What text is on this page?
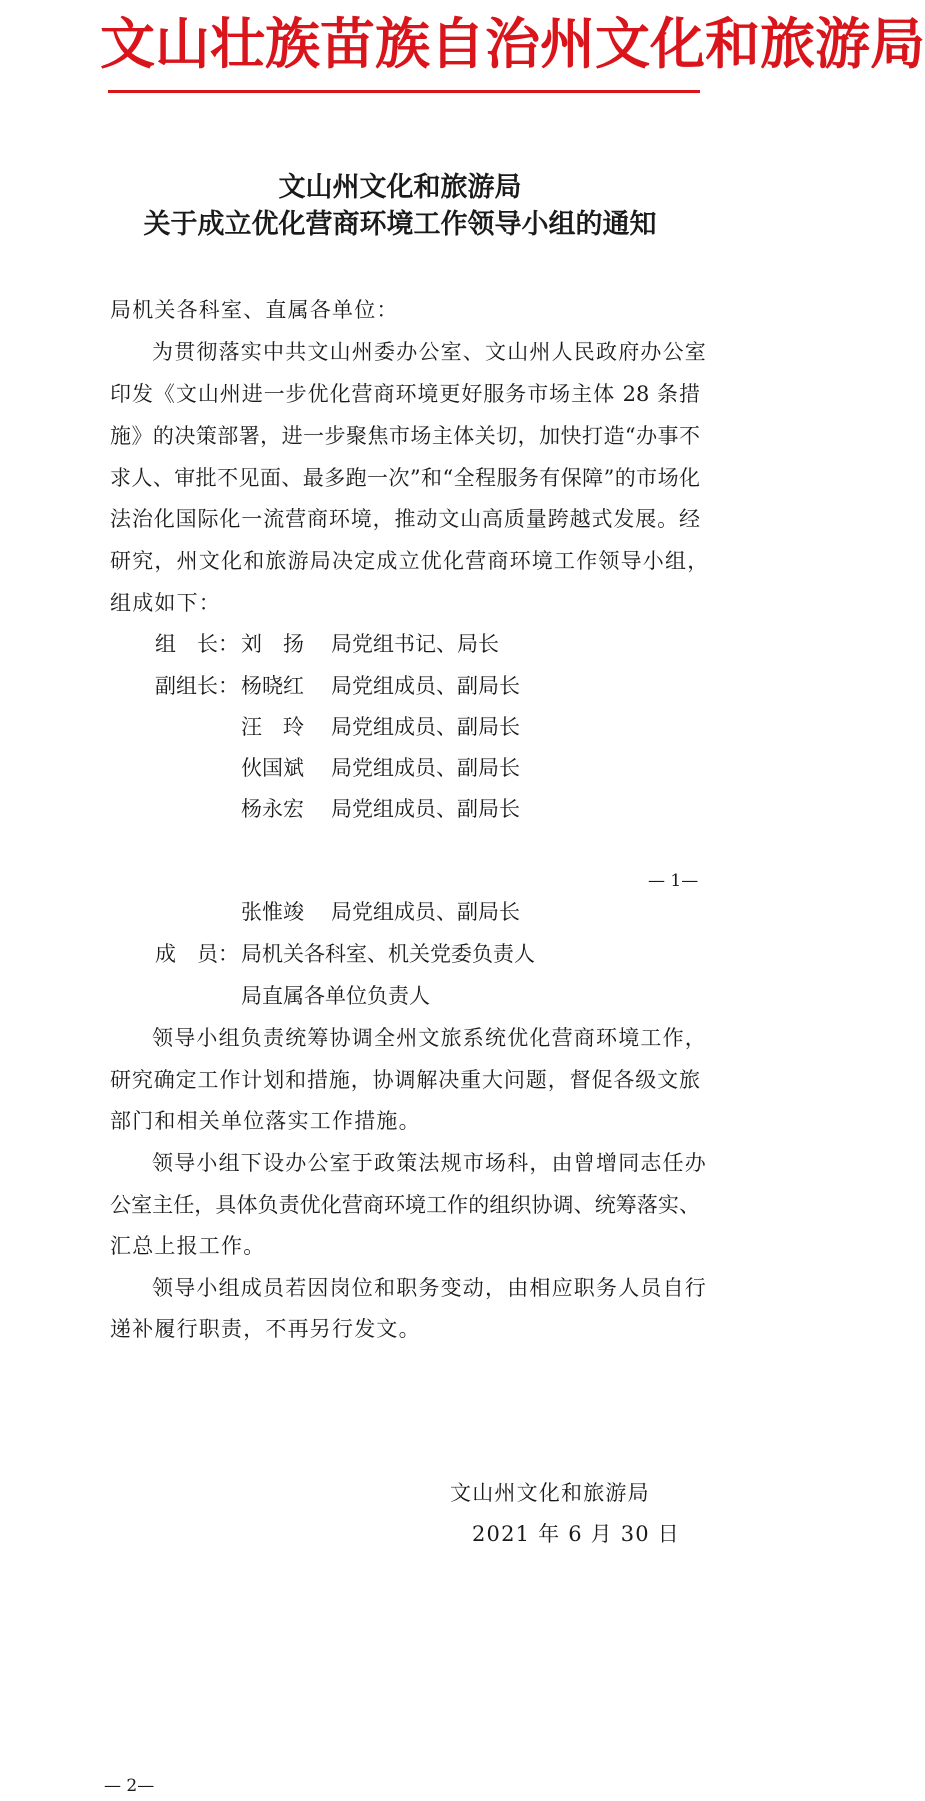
文山壮族苗族自治州文化和旅游局
文山州文化和旅游局
关于成立优化营商环境工作领导小组的通知
局机关各科室、直属各单位：
为贯彻落实中共文山州委办公室、文山州人民政府办公室
印发《文山州进一步优化营商环境更好服务市场主体 28 条措
施》的决策部署，进一步聚焦市场主体关切，加快打造“办事不
求人、审批不见面、最多跑一次”和“全程服务有保障”的市场化
法治化国际化一流营商环境，推动文山高质量跨越式发展。经
研究，州文化和旅游局决定成立优化营商环境工作领导小组，
组成如下：
组　长：刘　扬 局党组书记、局长
副组长：杨晓红 局党组成员、副局长
汪　玲 局党组成员、副局长
伙国斌 局党组成员、副局长
杨永宏 局党组成员、副局长
— 1—
张惟竣 局党组成员、副局长
成　员：局机关各科室、机关党委负责人
局直属各单位负责人
领导小组负责统筹协调全州文旅系统优化营商环境工作，
研究确定工作计划和措施，协调解决重大问题，督促各级文旅
部门和相关单位落实工作措施。
领导小组下设办公室于政策法规市场科，由曾增同志任办
公室主任，具体负责优化营商环境工作的组织协调、统筹落实、
汇总上报工作。
领导小组成员若因岗位和职务变动，由相应职务人员自行
递补履行职责，不再另行发文。
文山州文化和旅游局
2021 年 6 月 30 日
— 2—
